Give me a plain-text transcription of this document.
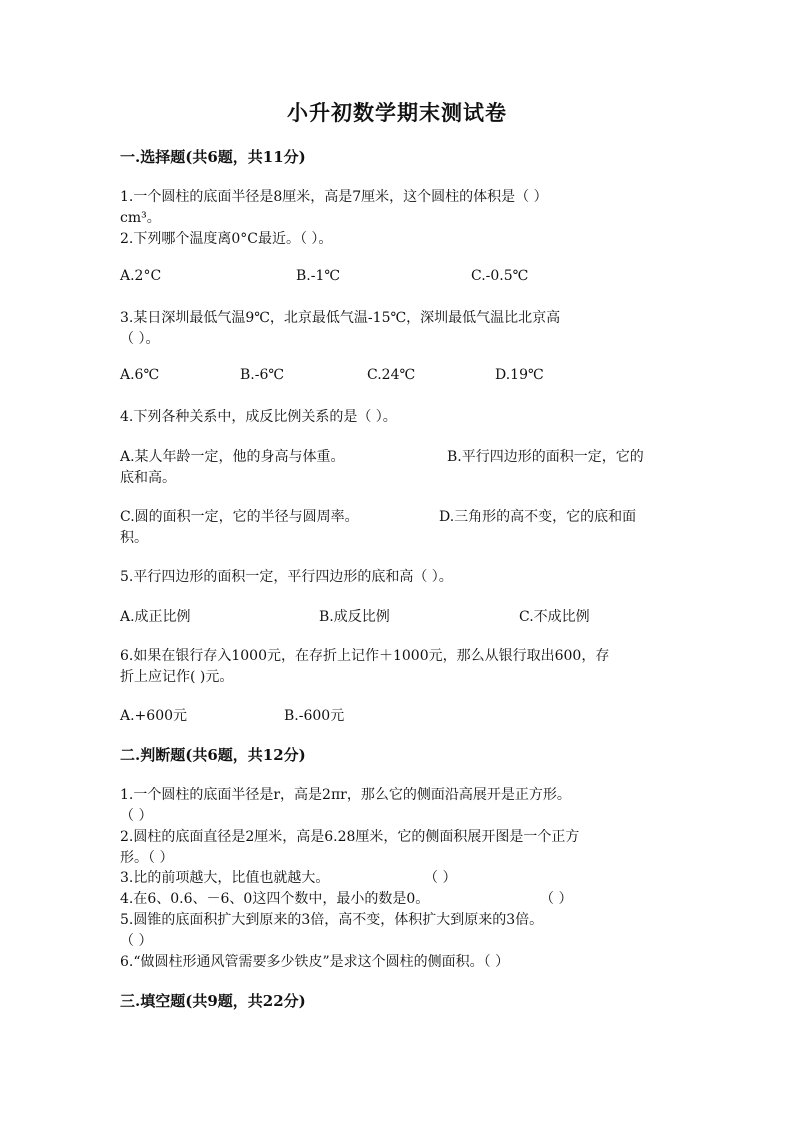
小升初数学期末测试卷
一.选择题(共6题，共11分)
1.一个圆柱的底面半径是8厘米，高是7厘米，这个圆柱的体积是（ ）
cm³。
2.下列哪个温度离0°C最近。（ ）。
A.2°C	B.-1℃	C.-0.5℃
3.某日深圳最低气温9℃，北京最低气温-15℃，深圳最低气温比北京高
（ ）。
A.6℃	B.-6℃	C.24℃	D.19℃
4.下列各种关系中，成反比例关系的是（ ）。
A.某人年龄一定，他的身高与体重。	B.平行四边形的面积一定，它的
底和高。
C.圆的面积一定，它的半径与圆周率。	D.三角形的高不变，它的底和面
积。
5.平行四边形的面积一定，平行四边形的底和高（ ）。
A.成正比例	B.成反比例	C.不成比例
6.如果在银行存入1000元，在存折上记作＋1000元，那么从银行取出600，存
折上应记作( )元。
A.+600元	B.-600元
二.判断题(共6题，共12分)
1.一个圆柱的底面半径是r，高是2πr，那么它的侧面沿高展开是正方形。
（ ）
2.圆柱的底面直径是2厘米，高是6.28厘米，它的侧面积展开图是一个正方
形。（ ）
3.比的前项越大，比值也就越大。	（ ）
4.在6、0.6、－6、0这四个数中，最小的数是0。	（ ）
5.圆锥的底面积扩大到原来的3倍，高不变，体积扩大到原来的3倍。
（ ）
6.“做圆柱形通风管需要多少铁皮”是求这个圆柱的侧面积。（ ）
三.填空题(共9题，共22分)
